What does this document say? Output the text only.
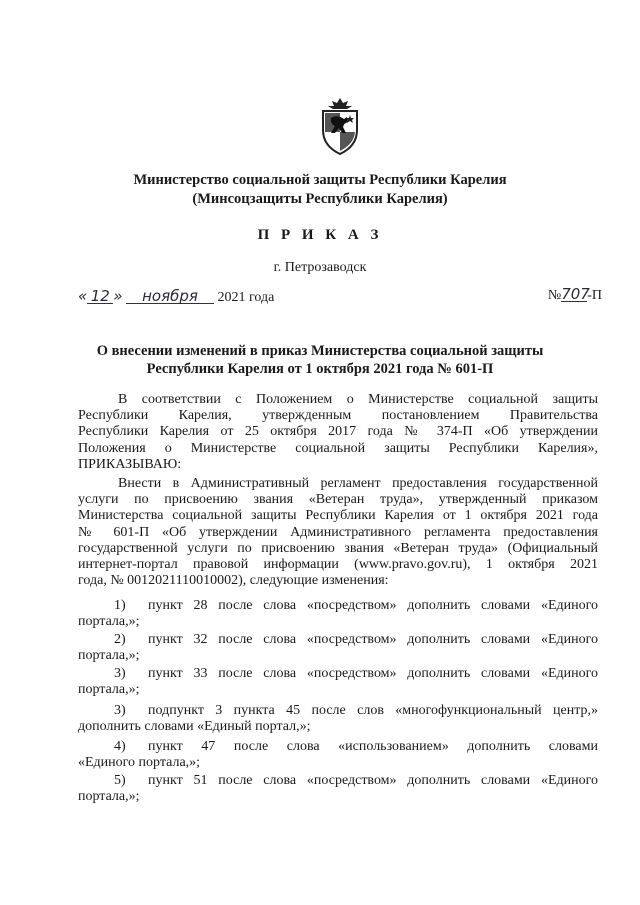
Министерство социальной защиты Республики Карелия
(Минсоцзащиты Республики Карелия)
П Р И К А З
г. Петрозаводск
« 12 » ноября 2021 года	№707-П
О внесении изменений в приказ Министерства социальной защиты
Республики Карелия от 1 октября 2021 года № 601-П
В соответствии с Положением о Министерстве социальной защиты
Республики Карелия, утвержденным постановлением Правительства
Республики Карелия от 25 октября 2017 года № 374-П «Об утверждении
Положения о Министерстве социальной защиты Республики Карелия»,
ПРИКАЗЫВАЮ:
Внести в Административный регламент предоставления государственной
услуги по присвоению звания «Ветеран труда», утвержденный приказом
Министерства социальной защиты Республики Карелия от 1 октября 2021 года
№ 601-П «Об утверждении Административного регламента предоставления
государственной услуги по присвоению звания «Ветеран труда» (Официальный
интернет-портал правовой информации (www.pravo.gov.ru), 1 октября 2021
года, № 0012021110010002), следующие изменения:
1) пункт 28 после слова «посредством» дополнить словами «Единого
портала,»;
2) пункт 32 после слова «посредством» дополнить словами «Единого
портала,»;
3) пункт 33 после слова «посредством» дополнить словами «Единого
портала,»;
3) подпункт 3 пункта 45 после слов «многофункциональный центр,»
дополнить словами «Единый портал,»;
4) пункт 47 после слова «использованием» дополнить словами
«Единого портала,»;
5) пункт 51 после слова «посредством» дополнить словами «Единого
портала,»;
